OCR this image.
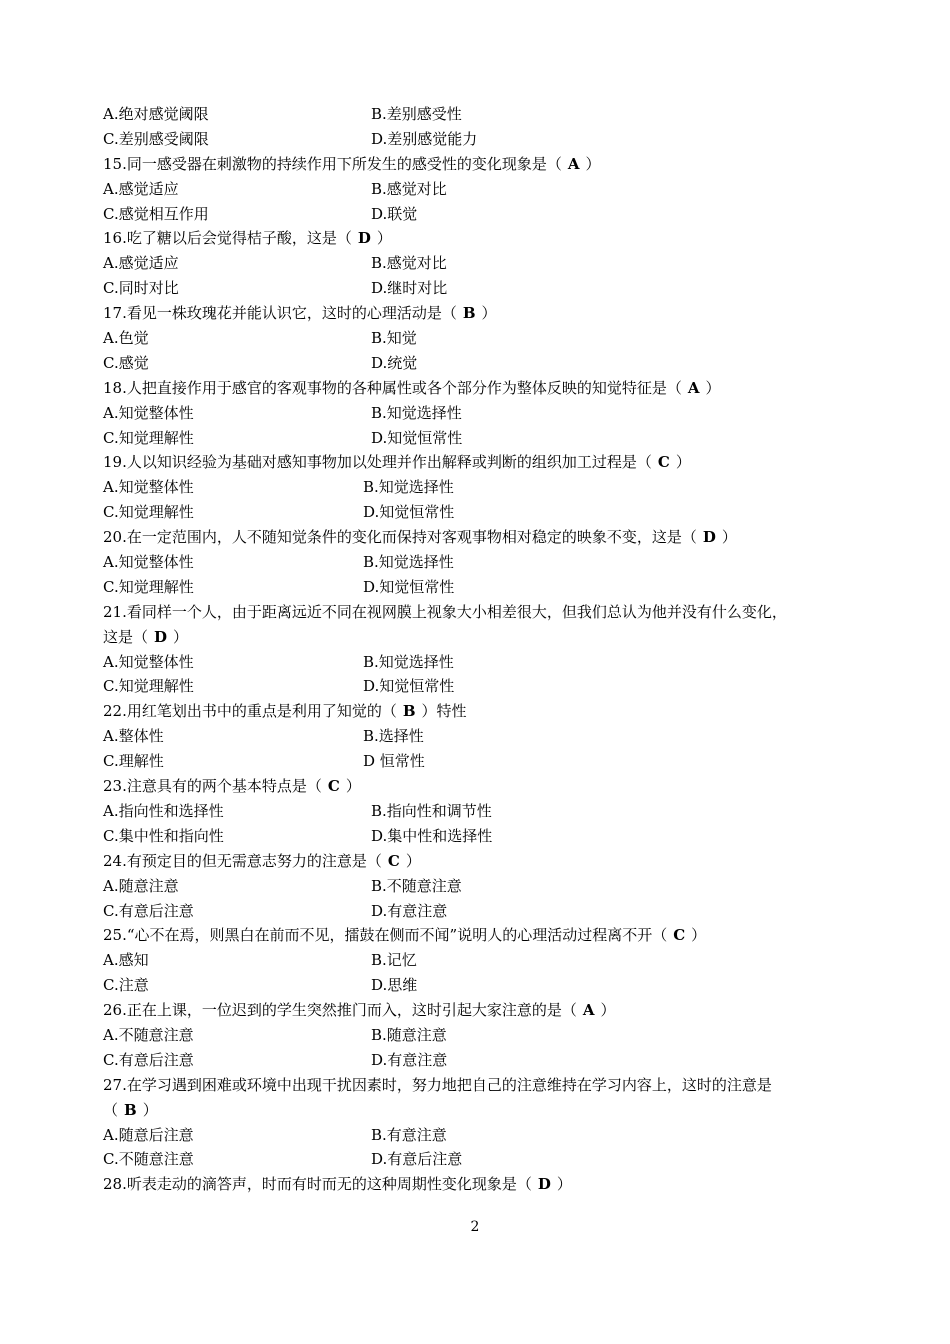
A.绝对感觉阈限	B.差别感受性
C.差别感受阈限	D.差别感觉能力
15.同一感受器在刺激物的持续作用下所发生的感受性的变化现象是（ A ）
A.感觉适应	B.感觉对比
C.感觉相互作用	D.联觉
16.吃了糖以后会觉得桔子酸，这是（ D ）
A.感觉适应	B.感觉对比
C.同时对比	D.继时对比
17.看见一株玫瑰花并能认识它，这时的心理活动是（ B ）
A.色觉	B.知觉
C.感觉	D.统觉
18.人把直接作用于感官的客观事物的各种属性或各个部分作为整体反映的知觉特征是（ A ）
A.知觉整体性	B.知觉选择性
C.知觉理解性	D.知觉恒常性
19.人以知识经验为基础对感知事物加以处理并作出解释或判断的组织加工过程是（ C ）
A.知觉整体性	B.知觉选择性
C.知觉理解性	D.知觉恒常性
20.在一定范围内，人不随知觉条件的变化而保持对客观事物相对稳定的映象不变，这是（ D ）
A.知觉整体性	B.知觉选择性
C.知觉理解性	D.知觉恒常性
21.看同样一个人，由于距离远近不同在视网膜上视象大小相差很大，但我们总认为他并没有什么变化，
这是（ D ）
A.知觉整体性	B.知觉选择性
C.知觉理解性	D.知觉恒常性
22.用红笔划出书中的重点是利用了知觉的（ B ）特性
A.整体性	B.选择性
C.理解性	D 恒常性
23.注意具有的两个基本特点是（ C ）
A.指向性和选择性	B.指向性和调节性
C.集中性和指向性	D.集中性和选择性
24.有预定目的但无需意志努力的注意是（ C ）
A.随意注意	B.不随意注意
C.有意后注意	D.有意注意
25.“心不在焉，则黑白在前而不见，擂鼓在侧而不闻”说明人的心理活动过程离不开（ C ）
A.感知	B.记忆
C.注意	D.思维
26.正在上课，一位迟到的学生突然推门而入，这时引起大家注意的是（ A ）
A.不随意注意	B.随意注意
C.有意后注意	D.有意注意
27.在学习遇到困难或环境中出现干扰因素时，努力地把自己的注意维持在学习内容上，这时的注意是
（ B ）
A.随意后注意	B.有意注意
C.不随意注意	D.有意后注意
28.听表走动的滴答声，时而有时而无的这种周期性变化现象是（ D ）
2
